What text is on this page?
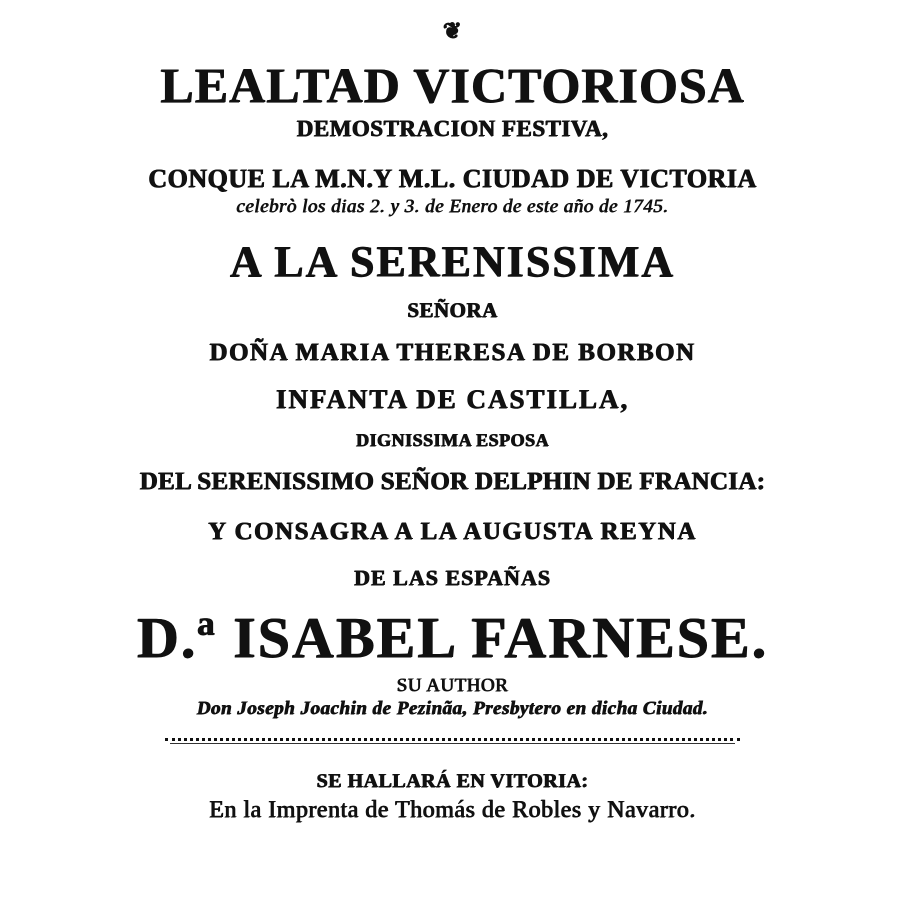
❦
LEALTAD VICTORIOSA
DEMOSTRACION FESTIVA,
CONQUE LA M.N.Y M.L. CIUDAD DE VICTORIA
celebrò los dias 2. y 3. de Enero de este año de 1745.
A LA SERENISSIMA
SEÑORA
DOÑA MARIA THERESA DE BORBON
INFANTA DE CASTILLA,
DIGNISSIMA ESPOSA
DEL SERENISSIMO SEÑOR DELPHIN DE FRANCIA:
Y CONSAGRA A LA AUGUSTA REYNA
DE LAS ESPAÑAS
D.ª ISABEL FARNESE.
SU AUTHOR
Don Joseph Joachin de Pezinãa, Presbytero en dicha Ciudad.
SE HALLARÁ EN VITORIA:
En la Imprenta de Thomás de Robles y Navarro.
